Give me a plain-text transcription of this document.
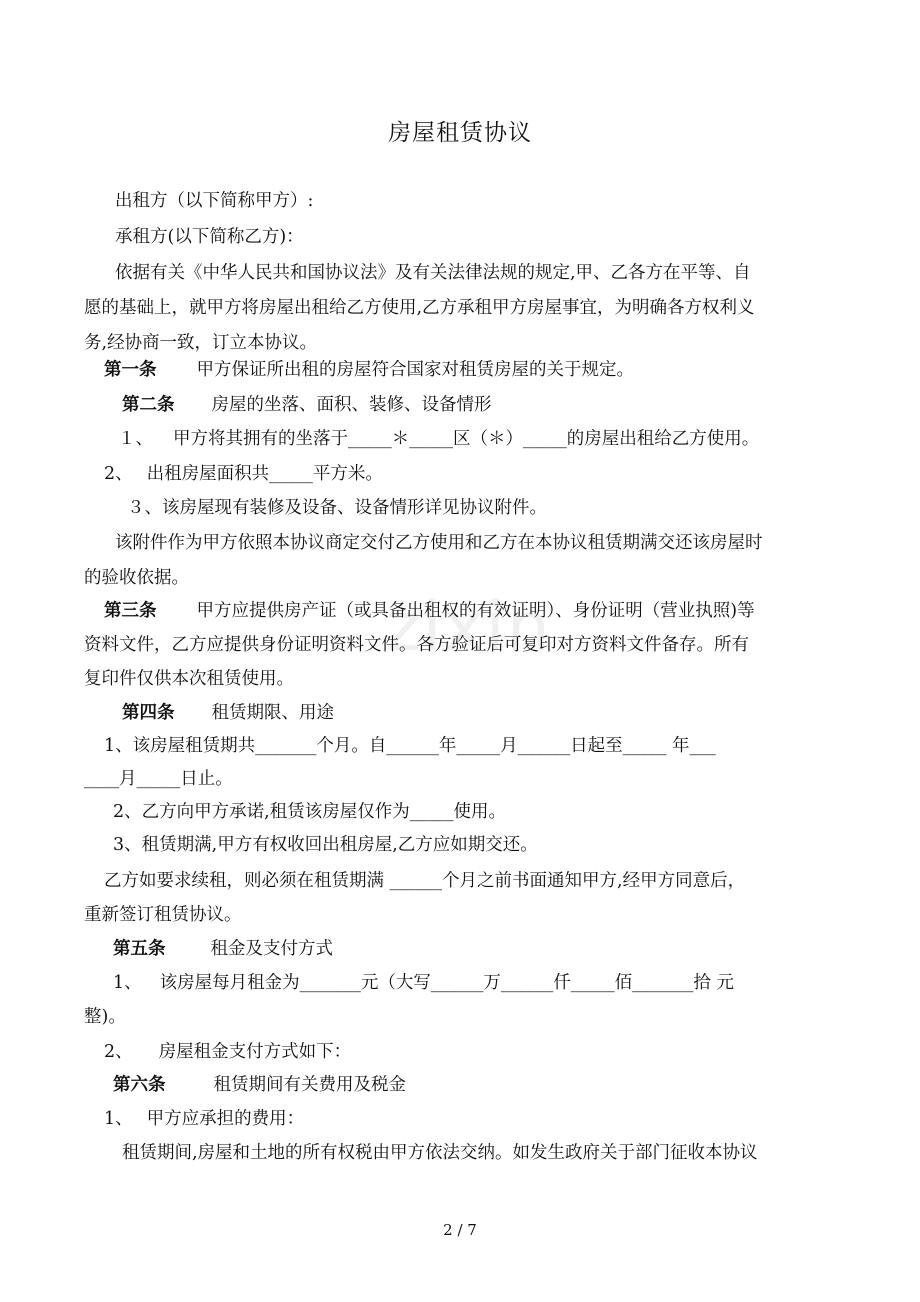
zixin
房屋租赁协议
出租方（以下简称甲方）:
承租方(以下简称乙方)：
依据有关《中华人民共和国协议法》及有关法律法规的规定,甲、乙各方在平等、自
愿的基础上，就甲方将房屋出租给乙方使用,乙方承租甲方房屋事宜，为明确各方权利义
务,经协商一致，订立本协议。
第一条 甲方保证所出租的房屋符合国家对租赁房屋的关于规定。
第二条 房屋的坐落、面积、装修、设备情形
１、 甲方将其拥有的坐落于_____＊_____区（＊）_____的房屋出租给乙方使用。
2、 出租房屋面积共_____平方米。
３、该房屋现有装修及设备、设备情形详见协议附件。
该附件作为甲方依照本协议商定交付乙方使用和乙方在本协议租赁期满交还该房屋时
的验收依据。
第三条 甲方应提供房产证（或具备出租权的有效证明）、身份证明（营业执照)等
资料文件，乙方应提供身份证明资料文件。各方验证后可复印对方资料文件备存。所有
复印件仅供本次租赁使用。
第四条 租赁期限、用途
1、该房屋租赁期共_______个月。自______年_____月______日起至_____ 年___
____月_____日止。
2、乙方向甲方承诺,租赁该房屋仅作为_____使用。
3、租赁期满,甲方有权收回出租房屋,乙方应如期交还。
乙方如要求续租，则必须在租赁期满 ______个月之前书面通知甲方,经甲方同意后，
重新签订租赁协议。
第五条	租金及支付方式
1、 该房屋每月租金为_______元（大写______万______仟_____佰_______拾 元
整)。
2、 房屋租金支付方式如下：
第六条	租赁期间有关费用及税金
1、 甲方应承担的费用：
租赁期间,房屋和土地的所有权税由甲方依法交纳。如发生政府关于部门征收本协议
2 / 7
